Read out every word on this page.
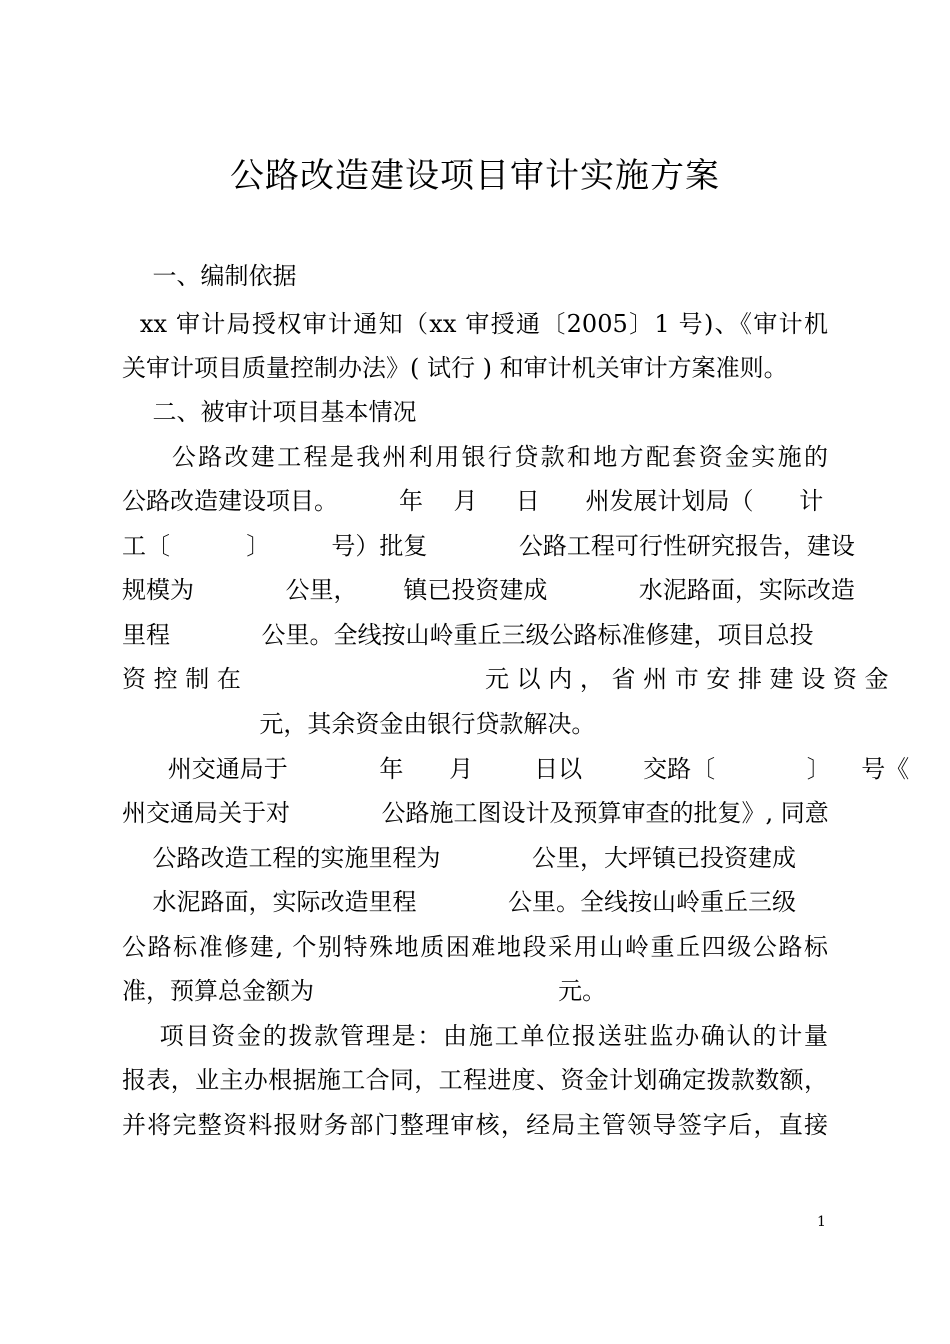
公路改造建设项目审计实施方案
一、编制依据
xx 审计局授权审计通知（xx 审授通〔2005〕1 号)、《审计机
关审计项目质量控制办法》( 试行 ) 和审计机关审计方案准则。
二、被审计项目基本情况
公路改建工程是我州利用银行贷款和地方配套资金实施的
公路改造建设项目。        年    月     日      州发展计划局（      计
工〔          〕        号）批复            公路工程可行性研究报告，建设
规模为            公里，      镇已投资建成            水泥路面，实际改造
里程            公里。全线按山岭重丘三级公路标准修建，项目总投
资 控 制 在                                元 以 内 ， 省 州 市 安 排 建 设 资 金
元，其余资金由银行贷款解决。
州交通局于            年      月        日以        交路〔            〕    号《
州交通局关于对            公路施工图设计及预算审查的批复》, 同意
公路改造工程的实施里程为            公里，大坪镇已投资建成
水泥路面，实际改造里程            公里。全线按山岭重丘三级
公路标准修建, 个别特殊地质困难地段采用山岭重丘四级公路标
准，预算总金额为                                元。
项目资金的拨款管理是：由施工单位报送驻监办确认的计量
报表，业主办根据施工合同，工程进度、资金计划确定拨款数额，
并将完整资料报财务部门整理审核，经局主管领导签字后，直接
1
